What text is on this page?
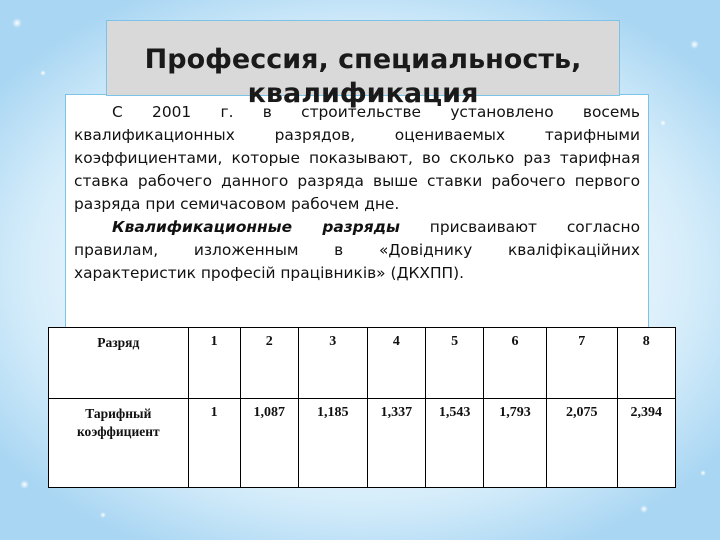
С 2001 г. в строительстве установлено восемь квалификационных разрядов, оцениваемых тарифными коэффициентами, которые показывают, во сколько раз тарифная ставка рабочего данного разряда выше ставки рабочего первого разряда при семичасовом рабочем дне.

Квалификационные разряды присваивают согласно правилам, изложенным в «Довіднику кваліфікаційних характеристик професій працівників» (ДКХПП).

Профессия, специальность, квалификация
Разряд	1	2	3	4	5	6	7	8
Тарифный коэффициент	1	1,087	1,185	1,337	1,543	1,793	2,075	2,394
